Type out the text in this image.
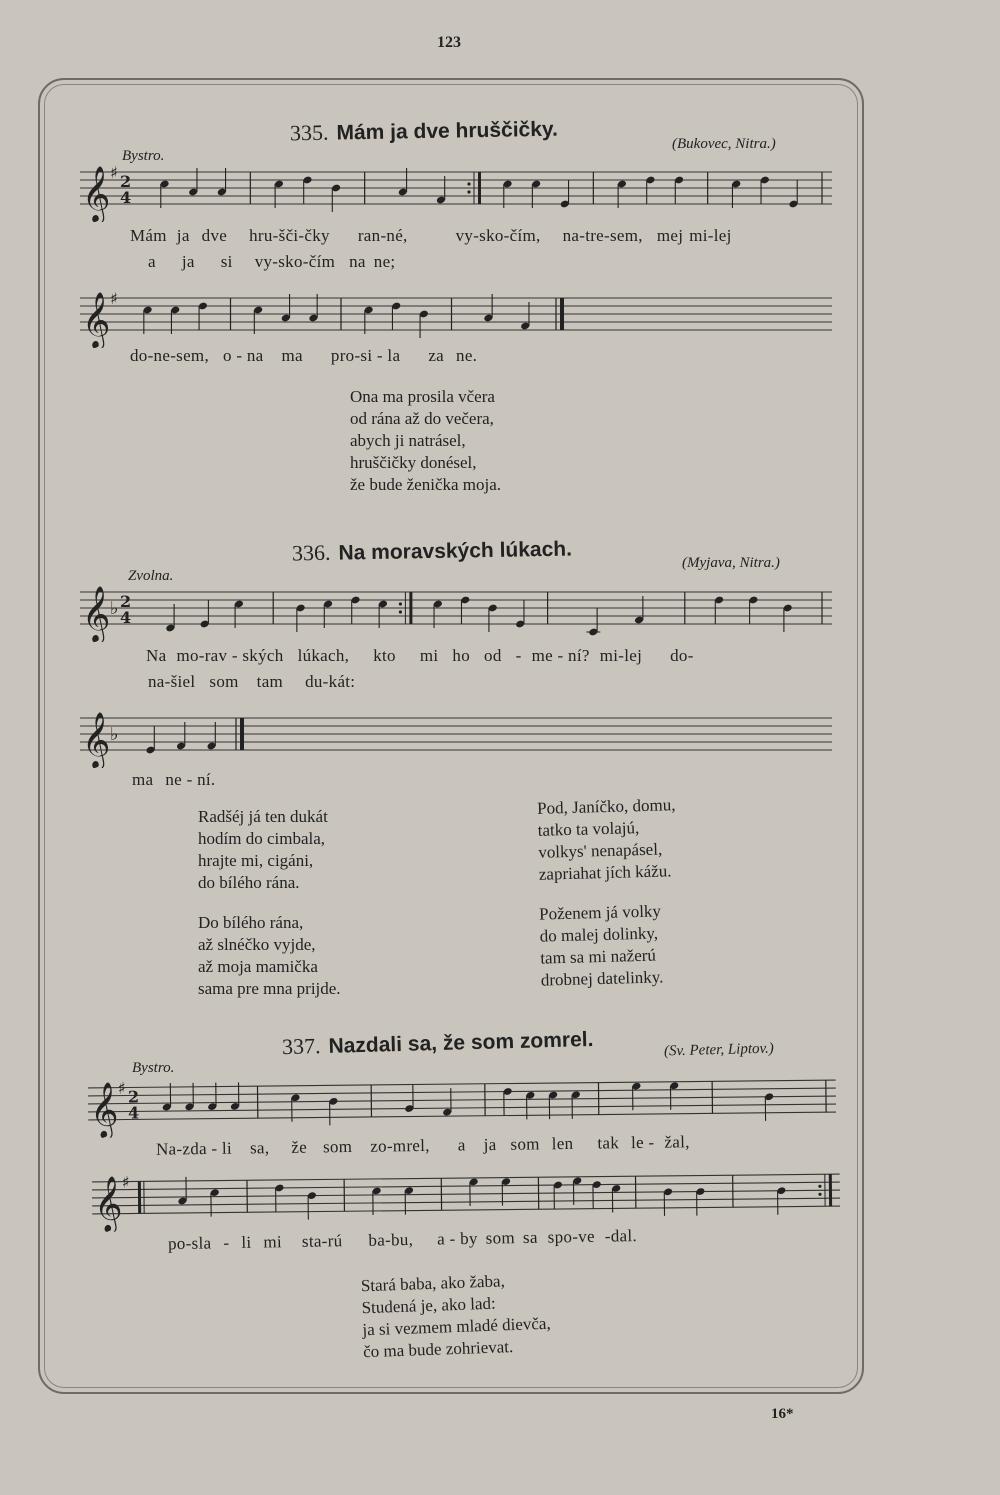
123
335. Mám ja dve hruščičky.
Bystro.
(Bukovec, Nitra.)
𝄞 ♯ 2
4
Mám ja dve hru-šči-čky ran-né,	vy-sko-čím, na-tre-sem, mej mi-lej
a ja si vy-sko-čím na ne;
𝄞 ♯
do-ne-sem, o - na ma pro-si - la za ne.
Ona ma prosila včera
od rána až do večera,
abych ji natrásel,
hruščičky donésel,
že bude ženička moja.
336. Na moravských lúkach.
Zvolna.
(Myjava, Nitra.)
𝄞 ♭ 2
4
Na mo-rav - ských lúkach, kto mi ho od - me - ní? mi-lej do-
na-šiel som tam du-kát:
𝄞 ♭
ma ne - ní.
Radšéj já ten dukát
hodím do cimbala,
hrajte mi, cigáni,
do bílého rána.
Do bílého rána,
až slnéčko vyjde,
až moja mamička
sama pre mna prijde.
Pod, Janíčko, domu,
tatko ta volajú,
volkys' nenapásel,
zapriahat jích kážu.
Poženem já volky
do malej dolinky,
tam sa mi nažerú
drobnej datelinky.
337. Nazdali sa, že som zomrel.
Bystro.
(Sv. Peter, Liptov.)
𝄞 ♯ 2
4
Na-zda - li sa, že som zo-mrel, a ja som len tak le - žal,
𝄞 ♯
po-sla - li mi sta-rú ba-bu, a - by som sa spo-ve -dal.
Stará baba, ako žaba,
Studená je, ako lad:
ja si vezmem mladé dievča,
čo ma bude zohrievat.
16*
